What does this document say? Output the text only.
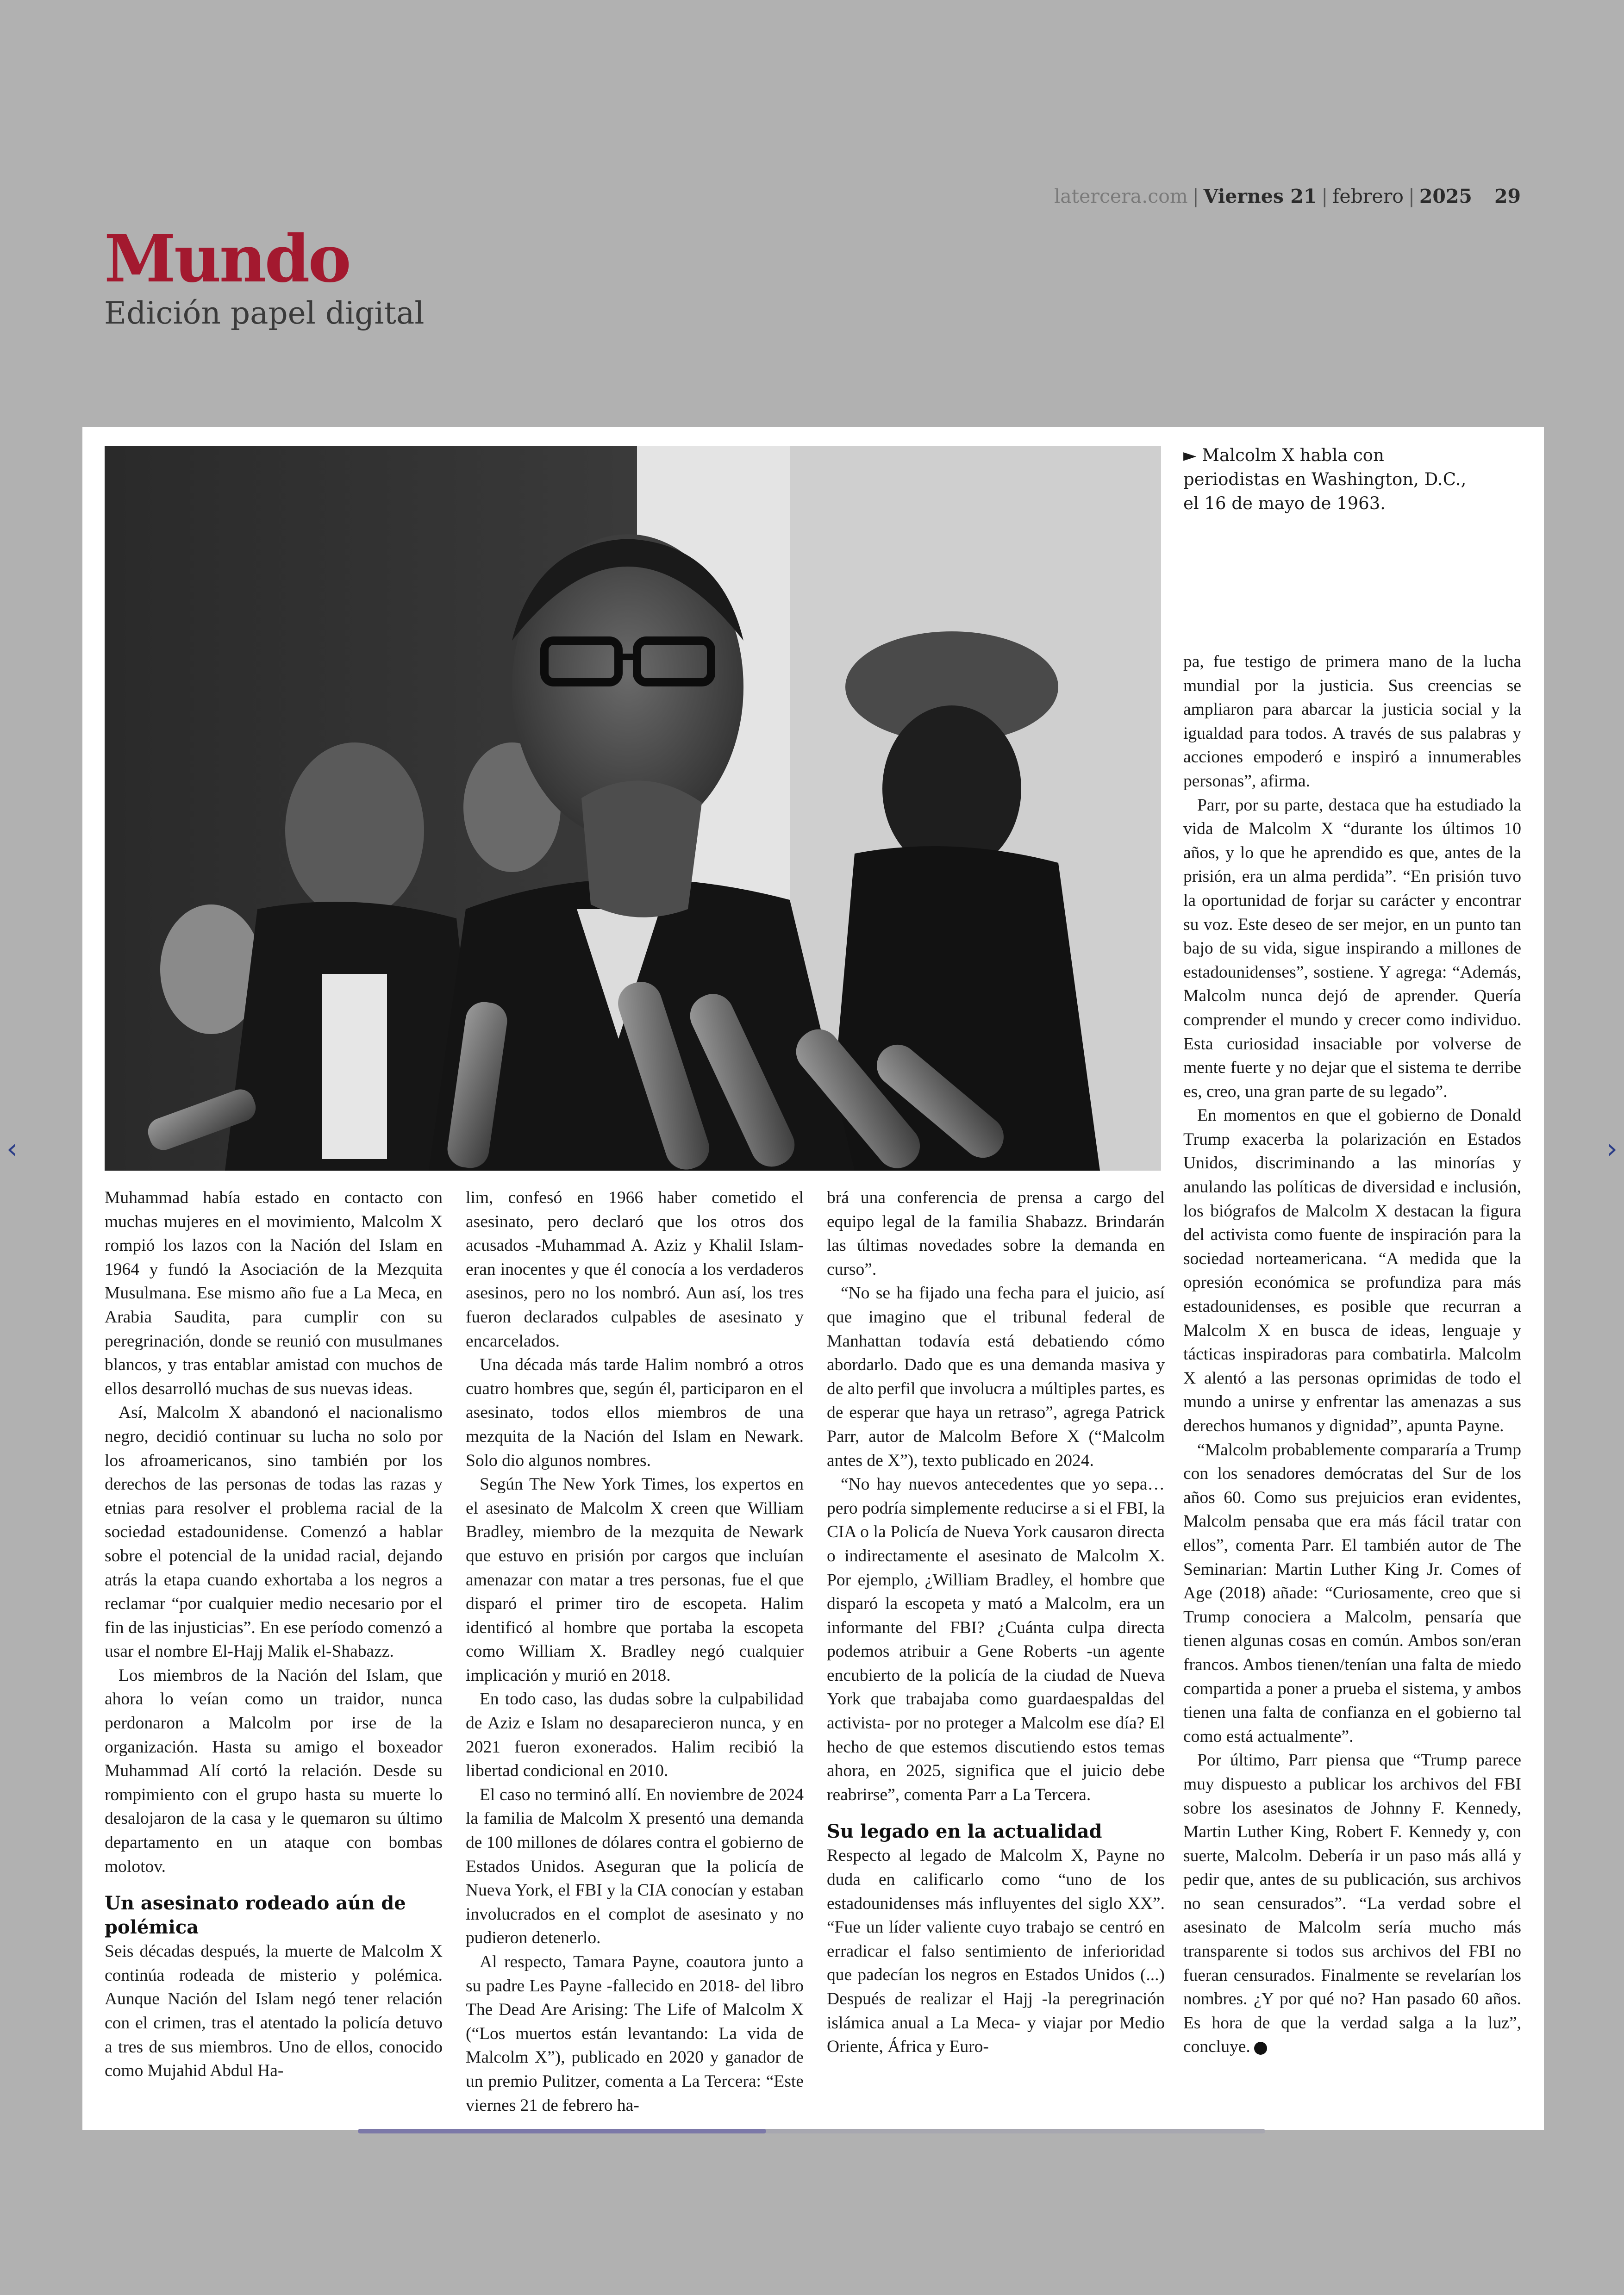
latercera.com | Viernes 21 | febrero | 2025 29
Mundo
Edición papel digital
‹	›
► Malcolm X habla con periodistas en Washington, D.C., el 16 de mayo de 1963.

Muhammad había estado en contacto con muchas mujeres en el movimiento, Malcolm X rompió los lazos con la Nación del Islam en 1964 y fundó la Asociación de la Mezquita Musulmana. Ese mismo año fue a La Meca, en Arabia Saudita, para cumplir con su peregrinación, donde se reunió con musulmanes blancos, y tras entablar amistad con muchos de ellos desarrolló muchas de sus nuevas ideas.

Así, Malcolm X abandonó el nacionalismo negro, decidió continuar su lucha no solo por los afroamericanos, sino también por los derechos de las personas de todas las razas y etnias para resolver el problema racial de la sociedad estadounidense. Comenzó a hablar sobre el potencial de la unidad racial, dejando atrás la etapa cuando exhortaba a los negros a reclamar “por cualquier medio necesario por el fin de las injusticias”. En ese período comenzó a usar el nombre El-Hajj Malik el-Shabazz.

Los miembros de la Nación del Islam, que ahora lo veían como un traidor, nunca perdonaron a Malcolm por irse de la organización. Hasta su amigo el boxeador Muhammad Alí cortó la relación. Desde su rompimiento con el grupo hasta su muerte lo desalojaron de la casa y le quemaron su último departamento en un ataque con bombas molotov.

Un asesinato rodeado aún de polémica

Seis décadas después, la muerte de Malcolm X continúa rodeada de misterio y polémica. Aunque Nación del Islam negó tener relación con el crimen, tras el atentado la policía detuvo a tres de sus miembros. Uno de ellos, conocido como Mujahid Abdul Ha-

lim, confesó en 1966 haber cometido el asesinato, pero declaró que los otros dos acusados -Muhammad A. Aziz y Khalil Islam- eran inocentes y que él conocía a los verdaderos asesinos, pero no los nombró. Aun así, los tres fueron declarados culpables de asesinato y encarcelados.

Una década más tarde Halim nombró a otros cuatro hombres que, según él, participaron en el asesinato, todos ellos miembros de una mezquita de la Nación del Islam en Newark. Solo dio algunos nombres.

Según The New York Times, los expertos en el asesinato de Malcolm X creen que William Bradley, miembro de la mezquita de Newark que estuvo en prisión por cargos que incluían amenazar con matar a tres personas, fue el que disparó el primer tiro de escopeta. Halim identificó al hombre que portaba la escopeta como William X. Bradley negó cualquier implicación y murió en 2018.

En todo caso, las dudas sobre la culpabilidad de Aziz e Islam no desaparecieron nunca, y en 2021 fueron exonerados. Halim recibió la libertad condicional en 2010.

El caso no terminó allí. En noviembre de 2024 la familia de Malcolm X presentó una demanda de 100 millones de dólares contra el gobierno de Estados Unidos. Aseguran que la policía de Nueva York, el FBI y la CIA conocían y estaban involucrados en el complot de asesinato y no pudieron detenerlo.

Al respecto, Tamara Payne, coautora junto a su padre Les Payne -fallecido en 2018- del libro The Dead Are Arising: The Life of Malcolm X (“Los muertos están levantando: La vida de Malcolm X”), publicado en 2020 y ganador de un premio Pulitzer, comenta a La Tercera: “Este viernes 21 de febrero ha-

brá una conferencia de prensa a cargo del equipo legal de la familia Shabazz. Brindarán las últimas novedades sobre la demanda en curso”.

“No se ha fijado una fecha para el juicio, así que imagino que el tribunal federal de Manhattan todavía está debatiendo cómo abordarlo. Dado que es una demanda masiva y de alto perfil que involucra a múltiples partes, es de esperar que haya un retraso”, agrega Patrick Parr, autor de Malcolm Before X (“Malcolm antes de X”), texto publicado en 2024.

“No hay nuevos antecedentes que yo sepa… pero podría simplemente reducirse a si el FBI, la CIA o la Policía de Nueva York causaron directa o indirectamente el asesinato de Malcolm X. Por ejemplo, ¿William Bradley, el hombre que disparó la escopeta y mató a Malcolm, era un informante del FBI? ¿Cuánta culpa directa podemos atribuir a Gene Roberts -un agente encubierto de la policía de la ciudad de Nueva York que trabajaba como guardaespaldas del activista- por no proteger a Malcolm ese día? El hecho de que estemos discutiendo estos temas ahora, en 2025, significa que el juicio debe reabrirse”, comenta Parr a La Tercera.

Su legado en la actualidad

Respecto al legado de Malcolm X, Payne no duda en calificarlo como “uno de los estadounidenses más influyentes del siglo XX”. “Fue un líder valiente cuyo trabajo se centró en erradicar el falso sentimiento de inferioridad que padecían los negros en Estados Unidos (...) Después de realizar el Hajj -la peregrinación islámica anual a La Meca- y viajar por Medio Oriente, África y Euro-

pa, fue testigo de primera mano de la lucha mundial por la justicia. Sus creencias se ampliaron para abarcar la justicia social y la igualdad para todos. A través de sus palabras y acciones empoderó e inspiró a innumerables personas”, afirma.

Parr, por su parte, destaca que ha estudiado la vida de Malcolm X “durante los últimos 10 años, y lo que he aprendido es que, antes de la prisión, era un alma perdida”. “En prisión tuvo la oportunidad de forjar su carácter y encontrar su voz. Este deseo de ser mejor, en un punto tan bajo de su vida, sigue inspirando a millones de estadounidenses”, sostiene. Y agrega: “Además, Malcolm nunca dejó de aprender. Quería comprender el mundo y crecer como individuo. Esta curiosidad insaciable por volverse de mente fuerte y no dejar que el sistema te derribe es, creo, una gran parte de su legado”.

En momentos en que el gobierno de Donald Trump exacerba la polarización en Estados Unidos, discriminando a las minorías y anulando las políticas de diversidad e inclusión, los biógrafos de Malcolm X destacan la figura del activista como fuente de inspiración para la sociedad norteamericana. “A medida que la opresión económica se profundiza para más estadounidenses, es posible que recurran a Malcolm X en busca de ideas, lenguaje y tácticas inspiradoras para combatirla. Malcolm X alentó a las personas oprimidas de todo el mundo a unirse y enfrentar las amenazas a sus derechos humanos y dignidad”, apunta Payne.

“Malcolm probablemente compararía a Trump con los senadores demócratas del Sur de los años 60. Como sus prejuicios eran evidentes, Malcolm pensaba que era más fácil tratar con ellos”, comenta Parr. El también autor de The Seminarian: Martin Luther King Jr. Comes of Age (2018) añade: “Curiosamente, creo que si Trump conociera a Malcolm, pensaría que tienen algunas cosas en común. Ambos son/eran francos. Ambos tienen/tenían una falta de miedo compartida a poner a prueba el sistema, y ambos tienen una falta de confianza en el gobierno tal como está actualmente”.

Por último, Parr piensa que “Trump parece muy dispuesto a publicar los archivos del FBI sobre los asesinatos de Johnny F. Kennedy, Martin Luther King, Robert F. Kennedy y, con suerte, Malcolm. Debería ir un paso más allá y pedir que, antes de su publicación, sus archivos no sean censurados”. “La verdad sobre el asesinato de Malcolm sería mucho más transparente si todos sus archivos del FBI no fueran censurados. Finalmente se revelarían los nombres. ¿Y por qué no? Han pasado 60 años. Es hora de que la verdad salga a la luz”, concluye.
